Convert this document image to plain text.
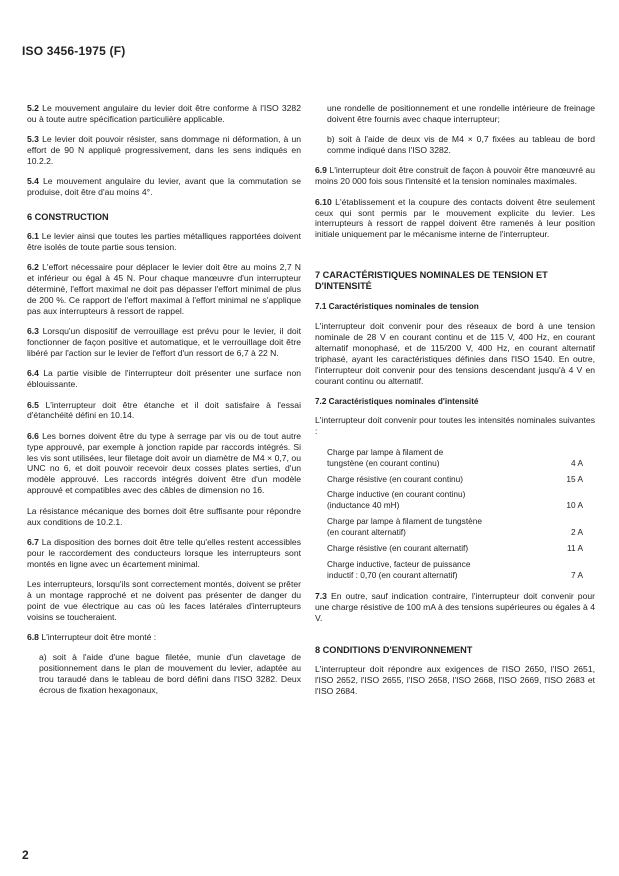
ISO 3456-1975 (F)

5.2 Le mouvement angulaire du levier doit être conforme à l'ISO 3282 ou à toute autre spécification particulière applicable.

5.3 Le levier doit pouvoir résister, sans dommage ni déformation, à un effort de 90 N appliqué progressivement, dans les sens indiqués en 10.2.2.

5.4 Le mouvement angulaire du levier, avant que la commutation se produise, doit être d'au moins 4°.

6 CONSTRUCTION

6.1 Le levier ainsi que toutes les parties métalliques rapportées doivent être isolés de toute partie sous tension.

6.2 L'effort nécessaire pour déplacer le levier doit être au moins 2,7 N et inférieur ou égal à 45 N. Pour chaque manœuvre d'un interrupteur déterminé, l'effort maximal ne doit pas dépasser l'effort minimal de plus de 200 %. Ce rapport de l'effort maximal à l'effort minimal ne s'applique pas aux interrupteurs à ressort de rappel.

6.3 Lorsqu'un dispositif de verrouillage est prévu pour le levier, il doit fonctionner de façon positive et automatique, et le verrouillage doit être libéré par l'action sur le levier de l'effort d'un ressort de 6,7 à 22 N.

6.4 La partie visible de l'interrupteur doit présenter une surface non éblouissante.

6.5 L'interrupteur doit être étanche et il doit satisfaire à l'essai d'étanchéité défini en 10.14.

6.6 Les bornes doivent être du type à serrage par vis ou de tout autre type approuvé, par exemple à jonction rapide par raccords intégrés. Si les vis sont utilisées, leur filetage doit avoir un diamètre de M4 × 0,7, ou UNC no 6, et doit pouvoir recevoir deux cosses plates serties, d'un modèle approuvé. Les raccords intégrés doivent être d'un modèle approuvé et compatibles avec des câbles de dimension no 16.

La résistance mécanique des bornes doit être suffisante pour répondre aux conditions de 10.2.1.

6.7 La disposition des bornes doit être telle qu'elles restent accessibles pour le raccordement des conducteurs lorsque les interrupteurs sont montés en ligne avec un écartement minimal.

Les interrupteurs, lorsqu'ils sont correctement montés, doivent se prêter à un montage rapproché et ne doivent pas présenter de danger du point de vue électrique au cas où les faces latérales d'interrupteurs voisins se toucheraient.

6.8 L'interrupteur doit être monté :

a) soit à l'aide d'une bague filetée, munie d'un clavetage de positionnement dans le plan de mouvement du levier, adaptée au trou taraudé dans le tableau de bord défini dans l'ISO 3282. Deux écrous de fixation hexagonaux,

une rondelle de positionnement et une rondelle intérieure de freinage doivent être fournis avec chaque interrupteur;

b) soit à l'aide de deux vis de M4 × 0,7 fixées au tableau de bord comme indiqué dans l'ISO 3282.

6.9 L'interrupteur doit être construit de façon à pouvoir être manœuvré au moins 20 000 fois sous l'intensité et la tension nominales maximales.

6.10 L'établissement et la coupure des contacts doivent être seulement ceux qui sont permis par le mouvement explicite du levier. Les interrupteurs à ressort de rappel doivent être ramenés à leur position initiale uniquement par le mécanisme interne de l'interrupteur.

7 CARACTÉRISTIQUES NOMINALES DE TENSION ET D'INTENSITÉ
7.1 Caractéristiques nominales de tension

L'interrupteur doit convenir pour des réseaux de bord à une tension nominale de 28 V en courant continu et de 115 V, 400 Hz, en courant alternatif monophasé, et de 115/200 V, 400 Hz, en courant alternatif triphasé, ayant les caractéristiques définies dans l'ISO 1540. En outre, l'interrupteur doit convenir pour des tensions descendant jusqu'à 4 V en courant continu ou alternatif.

7.2 Caractéristiques nominales d'intensité

L'interrupteur doit convenir pour toutes les intensités nominales suivantes :

Charge par lampe à filament de
tungstène (en courant continu)	4 A
Charge résistive (en courant continu)	15 A
Charge inductive (en courant continu)
(inductance 40 mH)	10 A
Charge par lampe à filament de tungstène
(en courant alternatif)	2 A
Charge résistive (en courant alternatif)	11 A
Charge inductive, facteur de puissance
inductif : 0,70 (en courant alternatif)	7 A

7.3 En outre, sauf indication contraire, l'interrupteur doit convenir pour une charge résistive de 100 mA à des tensions supérieures ou égales à 4 V.

8 CONDITIONS D'ENVIRONNEMENT

L'interrupteur doit répondre aux exigences de l'ISO 2650, l'ISO 2651, l'ISO 2652, l'ISO 2655, l'ISO 2658, l'ISO 2668, l'ISO 2669, l'ISO 2683 et l'ISO 2684.

2
